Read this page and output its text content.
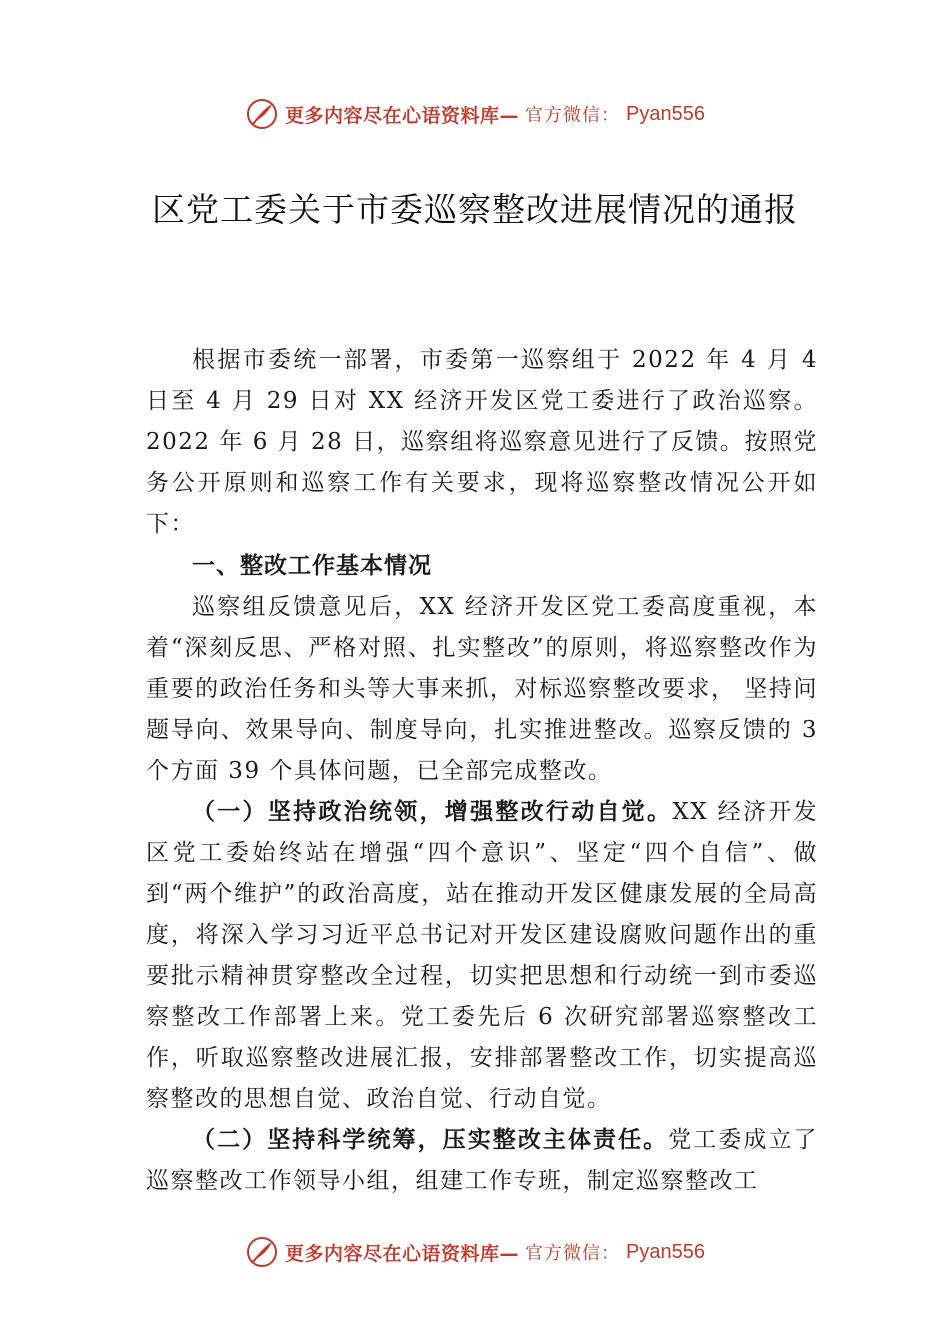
更多内容尽在心语资料库— 官方微信： Pyan556
区党工委关于市委巡察整改进展情况的通报

根据市委统一部署，市委第一巡察组于 2022 年 4 月 4 日至 4 月 29 日对 XX 经济开发区党工委进行了政治巡察。2022 年 6 月 28 日，巡察组将巡察意见进行了反馈。按照党务公开原则和巡察工作有关要求，现将巡察整改情况公开如下：

一、整改工作基本情况

巡察组反馈意见后，XX 经济开发区党工委高度重视，本着“深刻反思、严格对照、扎实整改”的原则，将巡察整改作为重要的政治任务和头等大事来抓，对标巡察整改要求， 坚持问题导向、效果导向、制度导向，扎实推进整改。巡察反馈的 3 个方面 39 个具体问题，已全部完成整改。

（一）坚持政治统领，增强整改行动自觉。XX 经济开发区党工委始终站在增强“四个意识”、坚定“四个自信”、做到“两个维护”的政治高度，站在推动开发区健康发展的全局高度，将深入学习习近平总书记对开发区建设腐败问题作出的重要批示精神贯穿整改全过程，切实把思想和行动统一到市委巡察整改工作部署上来。党工委先后 6 次研究部署巡察整改工作，听取巡察整改进展汇报，安排部署整改工作，切实提高巡察整改的思想自觉、政治自觉、行动自觉。

（二）坚持科学统筹，压实整改主体责任。党工委成立了巡察整改工作领导小组，组建工作专班，制定巡察整改工

更多内容尽在心语资料库— 官方微信： Pyan556
